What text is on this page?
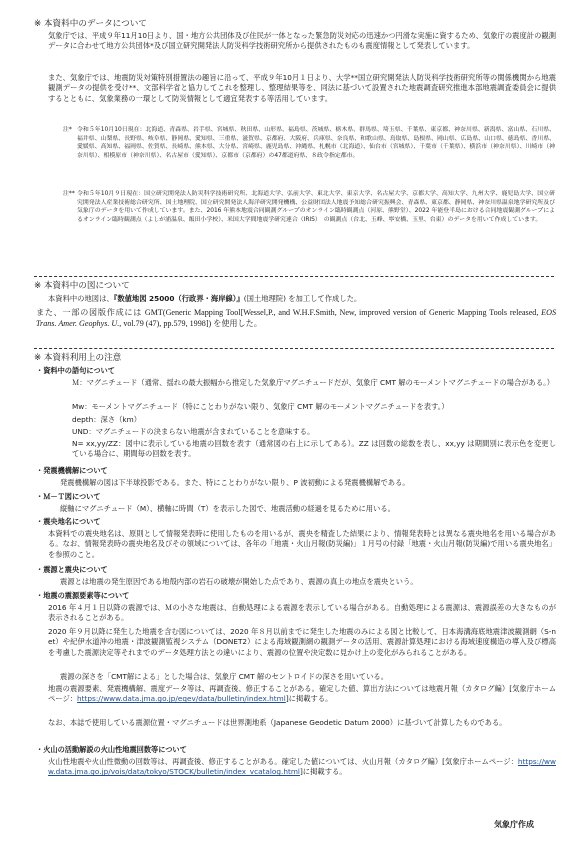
※ 本資料中のデータについて
気象庁では、平成９年11月10日より、国・地方公共団体及び住民が一体となった緊急防災対応の迅速かつ円滑な実施に資するため、気象庁の震度計の観測データに合わせて地方公共団体*及び国立研究開発法人防災科学技術研究所から提供されたものも震度情報として発表しています。
また、気象庁では、地震防災対策特別措置法の趣旨に沿って、平成９年10月１日より、大学**国立研究開発法人防災科学技術研究所等の関係機関から地震観測データの提供を受け**、文部科学省と協力してこれを整理し、整理結果等を、同法に基づいて設置された地震調査研究推進本部地震調査委員会に提供するとともに、気象業務の一環として防災情報として適宜発表する等活用しています。
注* 令和５年10月10日現在：北海道、青森県、岩手県、宮城県、秋田県、山形県、福島県、茨城県、栃木県、群馬県、埼玉県、千葉県、東京都、神奈川県、新潟県、富山県、石川県、福井県、山梨県、長野県、岐阜県、静岡県、愛知県、三重県、滋賀県、京都府、大阪府、兵庫県、奈良県、和歌山県、鳥取県、島根県、岡山県、広島県、山口県、徳島県、香川県、愛媛県、高知県、福岡県、佐賀県、長崎県、熊本県、大分県、宮崎県、鹿児島県、沖縄県、札幌市（北海道）、仙台市（宮城県）、千葉市（千葉県）、横浜市（神奈川県）、川崎市（神奈川県）、相模原市（神奈川県）、名古屋市（愛知県）、京都市（京都府）の47都道府県、８政令指定都市。
注** 令和５年10月９日現在：国立研究開発法人防災科学技術研究所、北海道大学、弘前大学、東北大学、東京大学、名古屋大学、京都大学、高知大学、九州大学、鹿児島大学、国立研究開発法人産業技術総合研究所、国土地理院、国立研究開発法人海洋研究開発機構、公益財団法人地震予知総合研究振興会、青森県、東京都、静岡県、神奈川県温泉地学研究所及び気象庁のデータを用いて作成しています。また、2016 年熊本地震合同観測グループのオンライン臨時観測点（河原、熊野堂）、2022 年能登半島における合同地震観測グループによるオンライン臨時観測点（よしが浦温泉、飯田小学校）、米国大学間地震学研究連合（IRIS）　の観測点（台北、玉峰、寧安橋、玉里、台東）のデータを用いて作成しています。
※ 本資料中の図について
本資料中の地図は、『数値地図 25000（行政界・海岸線）』(国土地理院) を加工して作成した。
また、一部の図版作成には GMT(Generic Mapping Tool[Wessel,P., and W.H.F.Smith, New, improved version of Generic Mapping Tools released, EOS Trans. Amer. Geophys. U., vol.79 (47), pp.579, 1998]) を使用した。
※ 本資料利用上の注意
・資料中の語句について
Ｍ：マグニチュード（通常、揺れの最大振幅から推定した気象庁マグニチュードだが、気象庁 CMT 解のモーメントマグニチュードの場合がある。）
Mw：モーメントマグニチュード（特にことわりがない限り、気象庁 CMT 解のモーメントマグニチュードを表す。）
depth：深さ（km）
UND：マグニチュードの決まらない地震が含まれていることを意味する。
N= xx,yy/ZZ：図中に表示している地震の回数を表す（通常図の右上に示してある）。ZZ は回数の総数を表し、xx,yy は期間別に表示色を変更している場合に、期間毎の回数を表す。
・発震機構解について
発震機構解の図は下半球投影である。また、特にことわりがない限り、P 波初動による発震機構解である。
・Ｍ－Ｔ図について
縦軸にマグニチュード（M）、横軸に時間（T）を表示した図で、地震活動の経過を見るために用いる。
・震央地名について
本資料での震央地名は、原則として情報発表時に使用したものを用いるが、震央を精査した結果により、情報発表時とは異なる震央地名を用いる場合がある。なお、情報発表時の震央地名及びその領域については、各年の「地震・火山月報(防災編)」１月号の付録「地震・火山月報(防災編)で用いる震央地名」を参照のこと。
・震源と震央について
震源とは地震の発生原因である地殻内部の岩石の破壊が開始した点であり、震源の真上の地点を震央という。
・地震の震源要素等について
2016 年４月１日以降の震源では、Ｍの小さな地震は、自動処理による震源を表示している場合がある。自動処理による震源は、震源誤差の大きなものが表示されることがある。
2020 年９月以降に発生した地震を含む図については、2020 年８月以前までに発生した地震のみによる図と比較して、日本海溝海底地震津波観測網（S-net）や紀伊水道沖の地震・津波観測監視システム（DONET2）による海域観測網の観測データの活用、震源計算処理における海域速度構造の導入及び標高を考慮した震源決定等それまでのデータ処理方法との違いにより、震源の位置や決定数に見かけ上の変化がみられることがある。
震源の深さを「CMT解による」とした場合は、気象庁 CMT 解のセントロイドの深さを用いている。
地震の震源要素、発震機構解、震度データ等は、再調査後、修正することがある。確定した値、算出方法については地震月報（カタログ編）[気象庁ホームページ：https://www.data.jma.go.jp/eqev/data/bulletin/index.html]に掲載する。
なお、本誌で使用している震源位置・マグニチュードは世界測地系（Japanese Geodetic Datum 2000）に基づいて計算したものである。
・火山の活動解説の火山性地震回数等について
火山性地震や火山性微動の回数等は、再調査後、修正することがある。確定した値については、火山月報（カタログ編）[気象庁ホームページ：https://www.data.jma.go.jp/vois/data/tokyo/STOCK/bulletin/index_vcatalog.html]に掲載する。
気象庁作成
